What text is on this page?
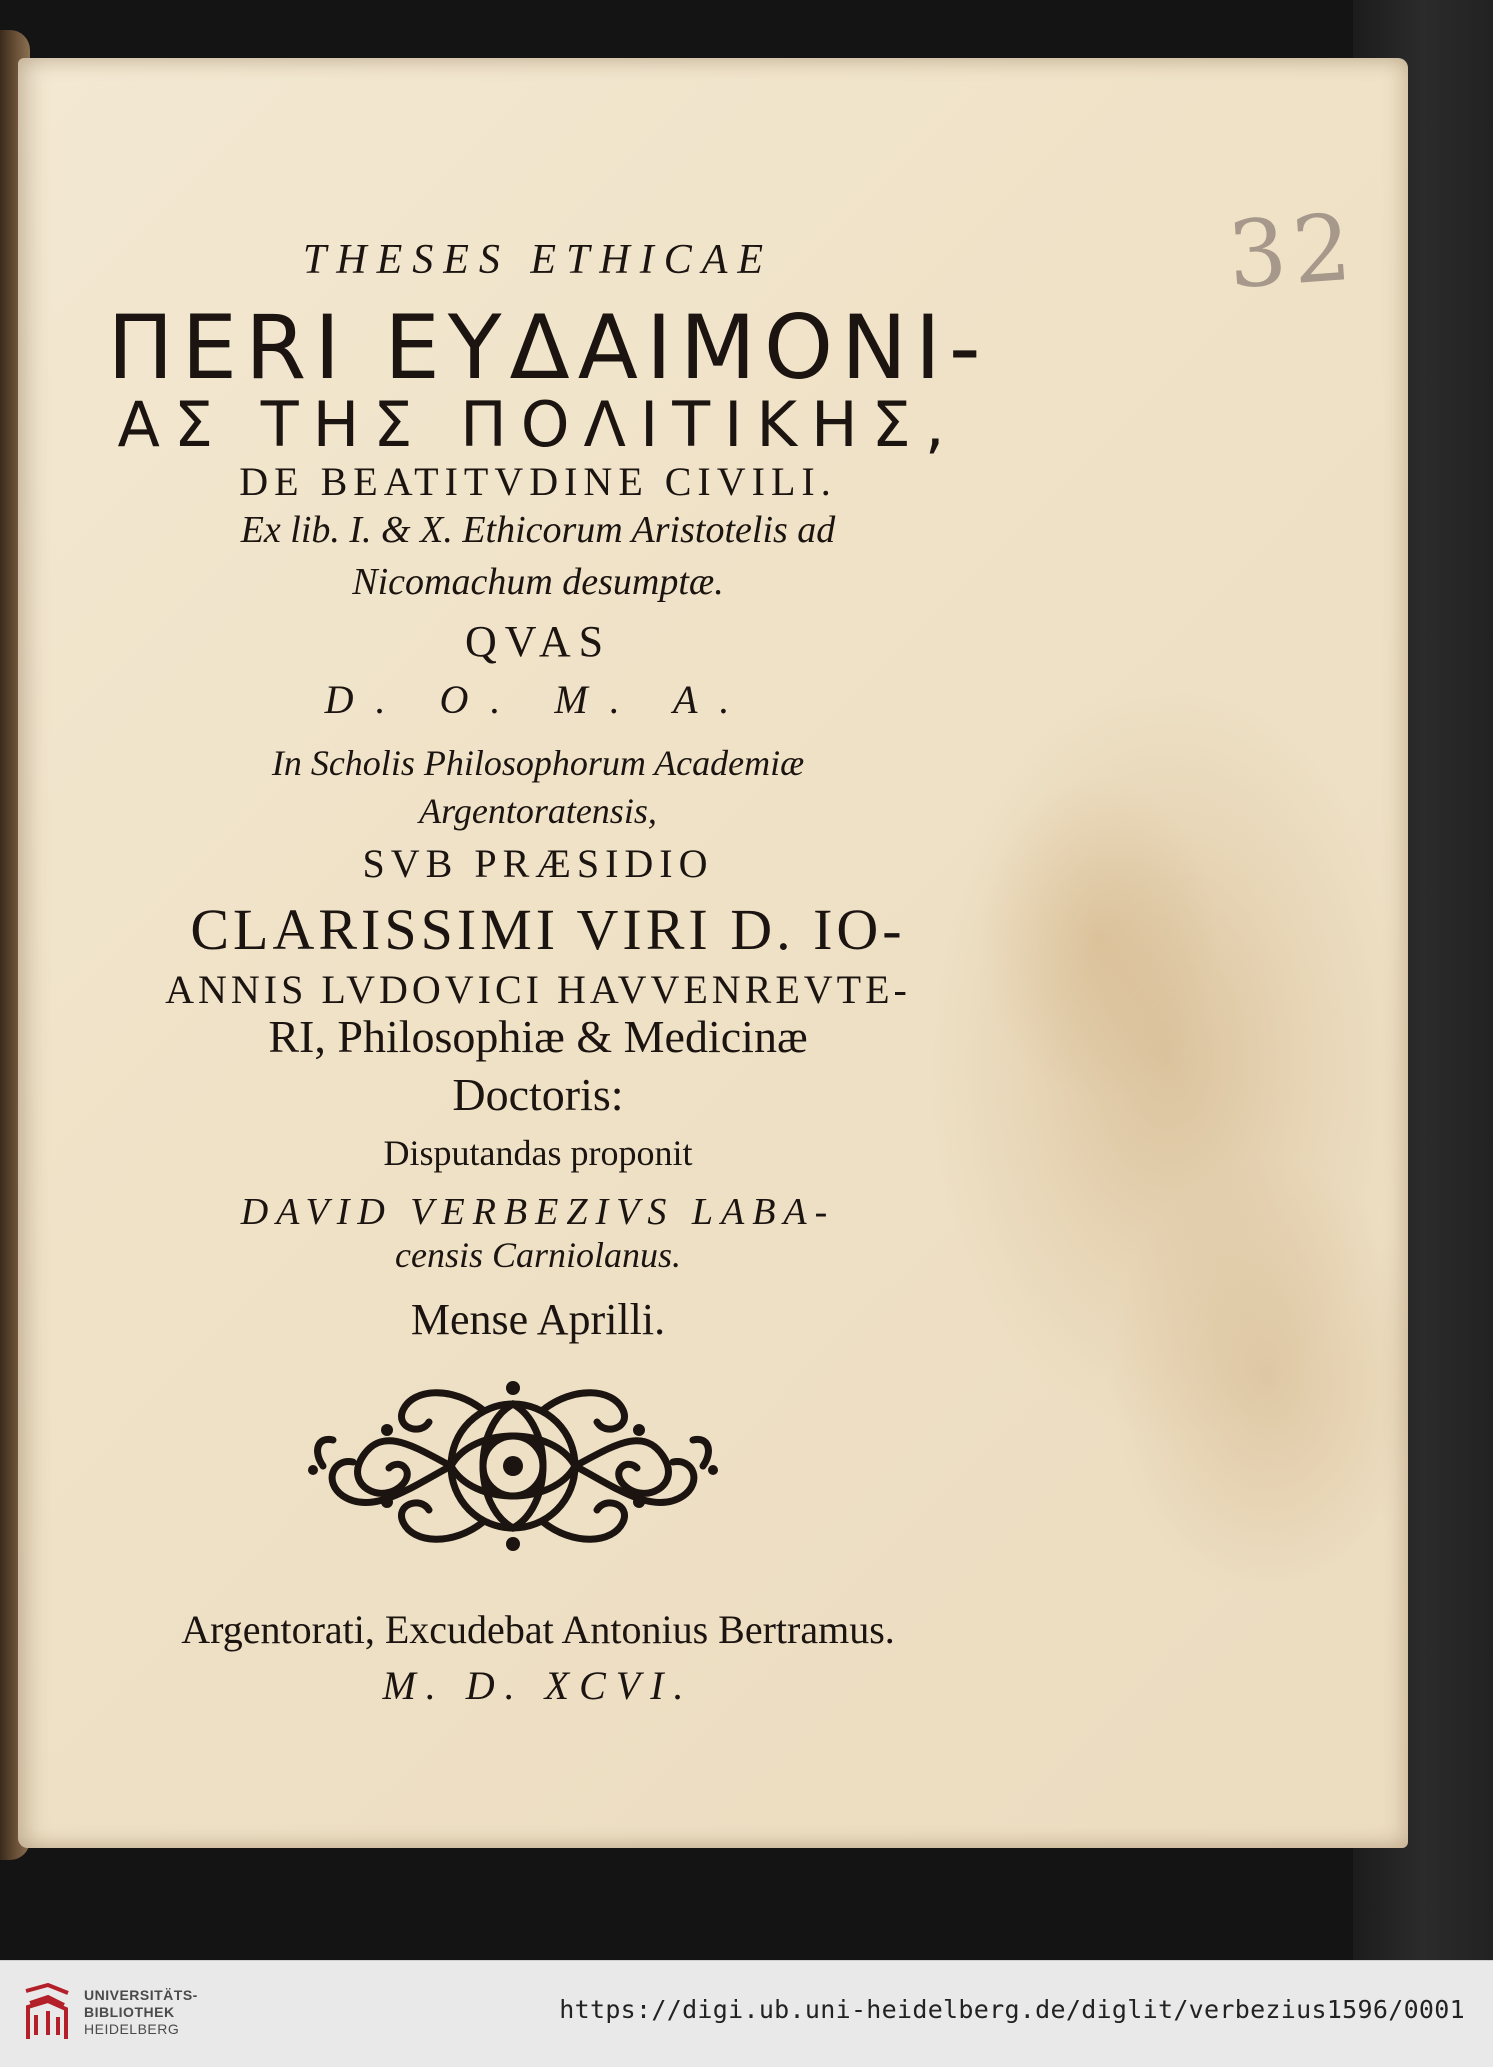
32
THESES ETHICAE
ΠΕRΙ ΕΥΔΑΙΜΟΝΙ-
ΑΣ ΤΗΣ ΠΟΛΙΤΙΚΗΣ,
DE BEATITVDINE CIVILI.
Ex lib. I. & X. Ethicorum Aristotelis ad
Nicomachum desumptæ.
QVAS
D. O. M. A.
In Scholis Philosophorum Academiæ
Argentoratensis,
SVB PRÆSIDIO
CLARISSIMI VIRI D. IO-
ANNIS LVDOVICI HAVVENREVTE-
RI, Philosophiæ & Medicinæ
Doctoris:
Disputandas proponit
DAVID VERBEZIVS LABA-
censis Carniolanus.
Mense Aprilli.
Argentorati, Excudebat Antonius Bertramus.
M. D. XCVI.
UNIVERSITÄTS-
BIBLIOTHEK
HEIDELBERG
https://digi.ub.uni-heidelberg.de/diglit/verbezius1596/0001
